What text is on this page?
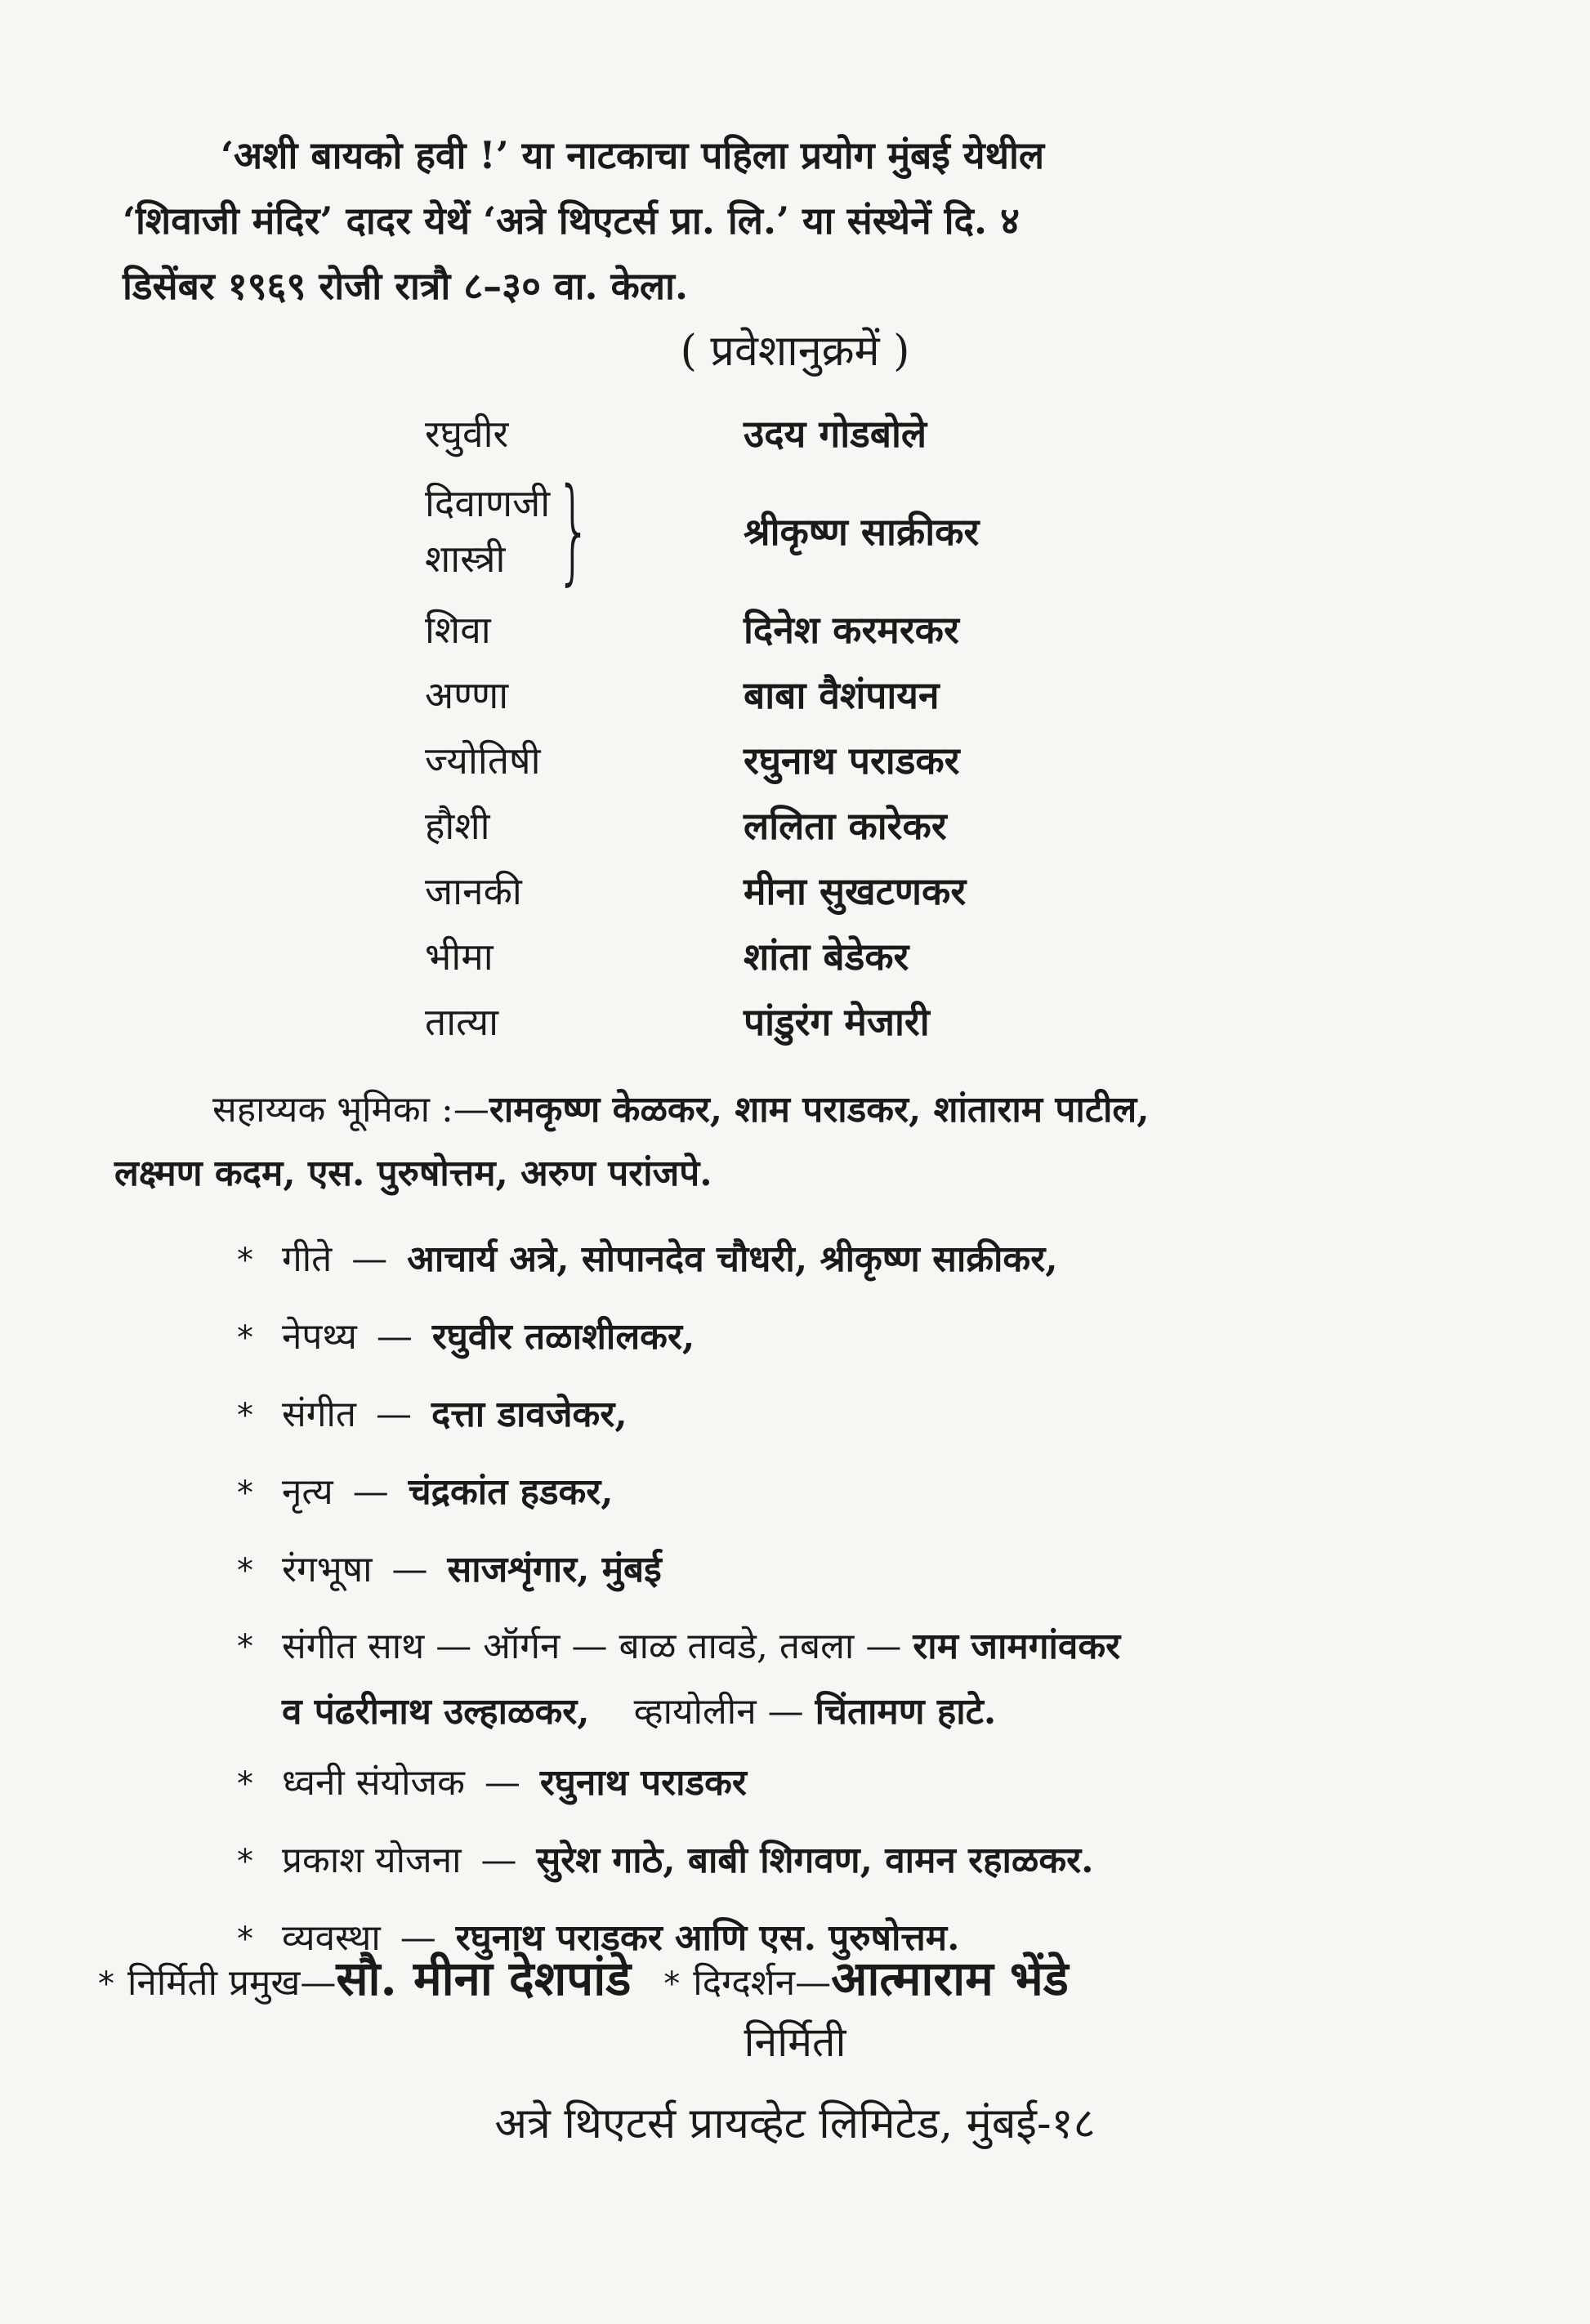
‘अशी बायको हवी !’ या नाटकाचा पहिला प्रयोग मुंबई येथील

‘शिवाजी मंदिर’ दादर येथें ‘अत्रे थिएटर्स प्रा. लि.’ या संस्थेनें दि. ४

डिसेंबर १९६९ रोजी रात्रौ ८–३० वा. केला.

( प्रवेशानुक्रमें )
रघुवीर	उदय गोडबोले
दिवाणजी
शास्त्री }	श्रीकृष्ण साक्रीकर
शिवा	दिनेश करमरकर
अण्णा	बाबा वैशंपायन
ज्योतिषी	रघुनाथ पराडकर
हौशी	ललिता कारेकर
जानकी	मीना सुखटणकर
भीमा	शांता बेडेकर
तात्या	पांडुरंग मेजारी

सहाय्यक भूमिका :—रामकृष्ण केळकर, शाम पराडकर, शांताराम पाटील,

लक्ष्मण कदम, एस. पुरुषोत्तम, अरुण परांजपे.

* गीते — आचार्य अत्रे, सोपानदेव चौधरी, श्रीकृष्ण साक्रीकर,
* नेपथ्य — रघुवीर तळाशीलकर,
* संगीत — दत्ता डावजेकर,
* नृत्य — चंद्रकांत हडकर,
* रंगभूषा — साजशृंगार, मुंबई
* संगीत साथ — ऑर्गन — बाळ तावडे, तबला — राम जामगांवकर
व पंढरीनाथ उल्हाळकर, व्हायोलीन — चिंतामण हाटे.
* ध्वनी संयोजक — रघुनाथ पराडकर
* प्रकाश योजना — सुरेश गाठे, बाबी शिगवण, वामन रहाळकर.
* व्यवस्था — रघुनाथ पराडकर आणि एस. पुरुषोत्तम.
* निर्मिती प्रमुख — सौ. मीना देशपांडे * दिग्दर्शन — आत्माराम भेंडे
निर्मिती
अत्रे थिएटर्स प्रायव्हेट लिमिटेड, मुंबई-१८
